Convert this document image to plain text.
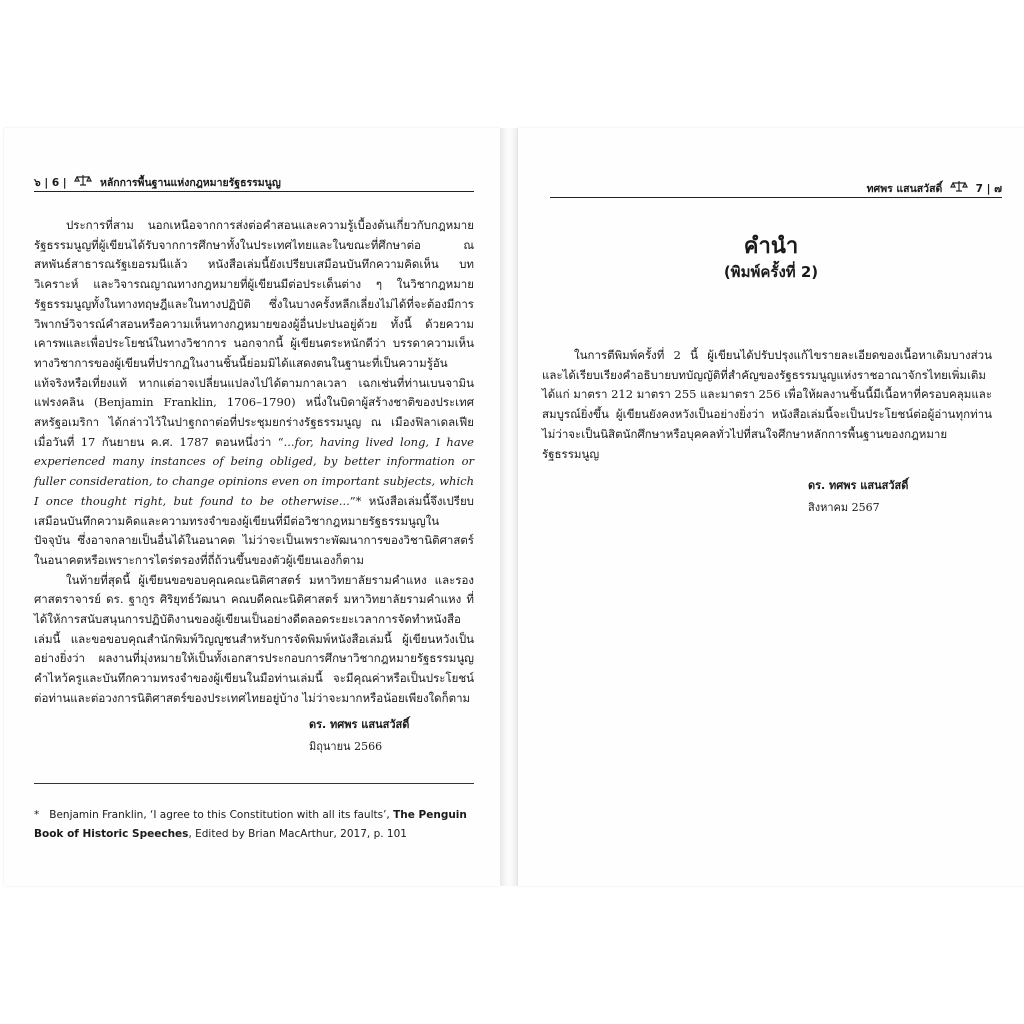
๖ | 6 |	หลักการพื้นฐานแห่งกฎหมายรัฐธรรมนูญ

ประการที่สาม นอกเหนือจากการส่งต่อคำสอนและความรู้เบื้องต้นเกี่ยวกับกฎหมายรัฐธรรมนูญที่ผู้เขียนได้รับจากการศึกษาทั้งในประเทศไทยและในขณะที่ศึกษาต่อ ณ สหพันธ์สาธารณรัฐเยอรมนีแล้ว หนังสือเล่มนี้ยังเปรียบเสมือนบันทึกความคิดเห็น บทวิเคราะห์ และวิจารณญาณทางกฎหมายที่ผู้เขียนมีต่อประเด็นต่าง ๆ ในวิชากฎหมายรัฐธรรมนูญทั้งในทางทฤษฎีและในทางปฏิบัติ ซึ่งในบางครั้งหลีกเลี่ยงไม่ได้ที่จะต้องมีการวิพากษ์วิจารณ์คำสอนหรือความเห็นทางกฎหมายของผู้อื่นปะปนอยู่ด้วย ทั้งนี้ ด้วยความเคารพและเพื่อประโยชน์ในทางวิชาการ นอกจากนี้ ผู้เขียนตระหนักดีว่า บรรดาความเห็นทางวิชาการของผู้เขียนที่ปรากฏในงานชิ้นนี้ย่อมมิได้แสดงตนในฐานะที่เป็นความรู้อันแท้จริงหรือเที่ยงแท้ หากแต่อาจเปลี่ยนแปลงไปได้ตามกาลเวลา เฉกเช่นที่ท่านเบนจามิน แฟรงคลิน (Benjamin Franklin, 1706–1790) หนึ่งในบิดาผู้สร้างชาติของประเทศสหรัฐอเมริกา ได้กล่าวไว้ในปาฐกถาต่อที่ประชุมยกร่างรัฐธรรมนูญ ณ เมืองฟิลาเดลเฟีย เมื่อวันที่ 17 กันยายน ค.ศ. 1787 ตอนหนึ่งว่า “...for, having lived long, I have experienced many instances of being obliged, by better information or fuller consideration, to change opinions even on important subjects, which I once thought right, but found to be otherwise...”* หนังสือเล่มนี้จึงเปรียบเสมือนบันทึกความคิดและความทรงจำของผู้เขียนที่มีต่อวิชากฎหมายรัฐธรรมนูญในปัจจุบัน ซึ่งอาจกลายเป็นอื่นได้ในอนาคต ไม่ว่าจะเป็นเพราะพัฒนาการของวิชานิติศาสตร์ในอนาคตหรือเพราะการไตร่ตรองที่ถี่ถ้วนขึ้นของตัวผู้เขียนเองก็ตาม

ในท้ายที่สุดนี้ ผู้เขียนขอขอบคุณคณะนิติศาสตร์ มหาวิทยาลัยรามคำแหง และรองศาสตราจารย์ ดร. ฐากูร ศิริยุทธ์วัฒนา คณบดีคณะนิติศาสตร์ มหาวิทยาลัยรามคำแหง ที่ได้ให้การสนับสนุนการปฏิบัติงานของผู้เขียนเป็นอย่างดีตลอดระยะเวลาการจัดทำหนังสือเล่มนี้ และขอขอบคุณสำนักพิมพ์วิญญูชนสำหรับการจัดพิมพ์หนังสือเล่มนี้ ผู้เขียนหวังเป็นอย่างยิ่งว่า ผลงานที่มุ่งหมายให้เป็นทั้งเอกสารประกอบการศึกษาวิชากฎหมายรัฐธรรมนูญ คำไหว้ครูและบันทึกความทรงจำของผู้เขียนในมือท่านเล่มนี้ จะมีคุณค่าหรือเป็นประโยชน์ต่อท่านและต่อวงการนิติศาสตร์ของประเทศไทยอยู่บ้าง ไม่ว่าจะมากหรือน้อยเพียงใดก็ตาม

ดร. ทศพร แสนสวัสดิ์
มิถุนายน 2566
* Benjamin Franklin, ‘I agree to this Constitution with all its faults’, The Penguin Book of Historic Speeches, Edited by Brian MacArthur, 2017, p. 101
ทศพร แสนสวัสดิ์	7 | ๗
คำนำ
(พิมพ์ครั้งที่ 2)

ในการตีพิมพ์ครั้งที่ 2 นี้ ผู้เขียนได้ปรับปรุงแก้ไขรายละเอียดของเนื้อหาเดิมบางส่วน และได้เรียบเรียงคำอธิบายบทบัญญัติที่สำคัญของรัฐธรรมนูญแห่งราชอาณาจักรไทยเพิ่มเติม ได้แก่ มาตรา 212 มาตรา 255 และมาตรา 256 เพื่อให้ผลงานชิ้นนี้มีเนื้อหาที่ครอบคลุมและสมบูรณ์ยิ่งขึ้น ผู้เขียนยังคงหวังเป็นอย่างยิ่งว่า หนังสือเล่มนี้จะเป็นประโยชน์ต่อผู้อ่านทุกท่าน ไม่ว่าจะเป็นนิสิตนักศึกษาหรือบุคคลทั่วไปที่สนใจศึกษาหลักการพื้นฐานของกฎหมายรัฐธรรมนูญ

ดร. ทศพร แสนสวัสดิ์
สิงหาคม 2567
